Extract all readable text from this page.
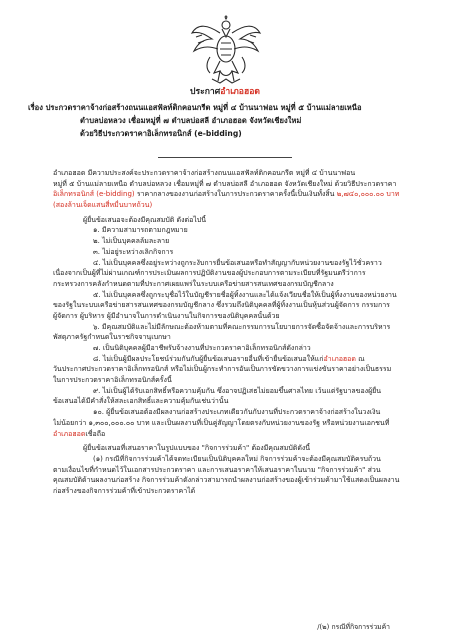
ประกาศอำเภอฮอด
เรื่อง ประกวดราคาจ้างก่อสร้างถนนแอสฟัลท์ติกคอนกรีต หมู่ที่ ๔ บ้านนาฟอน หมู่ที่ ๕ บ้านแม่ลายเหนือ
ตำบลบ่อหลวง เชื่อมหมู่ที่ ๗ ตำบลบ่อสลี อำเภอฮอด จังหวัดเชียงใหม่
ด้วยวิธีประกวดราคาอิเล็กทรอนิกส์ (e-bidding)
อำเภอฮอด มีความประสงค์จะประกวดราคาจ้างก่อสร้างถนนแอสฟัลท์ติกคอนกรีต หมู่ที่ ๔ บ้านนาฟอน
หมู่ที่ ๕ บ้านแม่ลายเหนือ ตำบลบ่อหลวง เชื่อมหมู่ที่ ๗ ตำบลบ่อสลี อำเภอฮอด จังหวัดเชียงใหม่ ด้วยวิธีประกวดราคา
อิเล็กทรอนิกส์ (e-bidding) ราคากลางของงานก่อสร้างในการประกวดราคาครั้งนี้เป็นเงินทั้งสิ้น ๒,๗๔๐,๐๐๐.๐๐ บาท
(สองล้านเจ็ดแสนสี่หมื่นบาทถ้วน)
ผู้ยื่นข้อเสนอจะต้องมีคุณสมบัติ ดังต่อไปนี้
๑. มีความสามารถตามกฎหมาย
๒. ไม่เป็นบุคคลล้มละลาย
๓. ไม่อยู่ระหว่างเลิกกิจการ
๔. ไม่เป็นบุคคลซึ่งอยู่ระหว่างถูกระงับการยื่นข้อเสนอหรือทำสัญญากับหน่วยงานของรัฐไว้ชั่วคราว
เนื่องจากเป็นผู้ที่ไม่ผ่านเกณฑ์การประเมินผลการปฏิบัติงานของผู้ประกอบการตามระเบียบที่รัฐมนตรีว่าการ
กระทรวงการคลังกำหนดตามที่ประกาศเผยแพร่ในระบบเครือข่ายสารสนเทศของกรมบัญชีกลาง
๕. ไม่เป็นบุคคลซึ่งถูกระบุชื่อไว้ในบัญชีรายชื่อผู้ทิ้งงานและได้แจ้งเวียนชื่อให้เป็นผู้ทิ้งงานของหน่วยงาน
ของรัฐในระบบเครือข่ายสารสนเทศของกรมบัญชีกลาง ซึ่งรวมถึงนิติบุคคลที่ผู้ทิ้งงานเป็นหุ้นส่วนผู้จัดการ กรรมการ
ผู้จัดการ ผู้บริหาร ผู้มีอำนาจในการดำเนินงานในกิจการของนิติบุคคลนั้นด้วย
๖. มีคุณสมบัติและไม่มีลักษณะต้องห้ามตามที่คณะกรรมการนโยบายการจัดซื้อจัดจ้างและการบริหาร
พัสดุภาครัฐกำหนดในราชกิจจานุเบกษา
๗. เป็นนิติบุคคลผู้มีอาชีพรับจ้างงานที่ประกวดราคาอิเล็กทรอนิกส์ดังกล่าว
๘. ไม่เป็นผู้มีผลประโยชน์ร่วมกันกับผู้ยื่นข้อเสนอรายอื่นที่เข้ายื่นข้อเสนอให้แก่อำเภอฮอด ณ
วันประกาศประกวดราคาอิเล็กทรอนิกส์ หรือไม่เป็นผู้กระทำการอันเป็นการขัดขวางการแข่งขันราคาอย่างเป็นธรรม
ในการประกวดราคาอิเล็กทรอนิกส์ครั้งนี้
๙. ไม่เป็นผู้ได้รับเอกสิทธิ์หรือความคุ้มกัน ซึ่งอาจปฏิเสธไม่ยอมขึ้นศาลไทย เว้นแต่รัฐบาลของผู้ยื่น
ข้อเสนอได้มีคำสั่งให้สละเอกสิทธิ์และความคุ้มกันเช่นว่านั้น
๑๐. ผู้ยื่นข้อเสนอต้องมีผลงานก่อสร้างประเภทเดียวกันกับงานที่ประกวดราคาจ้างก่อสร้างในวงเงิน
ไม่น้อยกว่า ๑,๓๐๐,๐๐๐.๐๐ บาท และเป็นผลงานที่เป็นคู่สัญญาโดยตรงกับหน่วยงานของรัฐ หรือหน่วยงานเอกชนที่
อำเภอฮอดเชื่อถือ
ผู้ยื่นข้อเสนอที่เสนอราคาในรูปแบบของ "กิจการร่วมค้า" ต้องมีคุณสมบัติดังนี้
(๑) กรณีที่กิจการร่วมค้าได้จดทะเบียนเป็นนิติบุคคลใหม่ กิจการร่วมค้าจะต้องมีคุณสมบัติครบถ้วน
ตามเงื่อนไขที่กำหนดไว้ในเอกสารประกวดราคา และการเสนอราคาให้เสนอราคาในนาม "กิจการร่วมค้า" ส่วน
คุณสมบัติด้านผลงานก่อสร้าง กิจการร่วมค้าดังกล่าวสามารถนำผลงานก่อสร้างของผู้เข้าร่วมค้ามาใช้แสดงเป็นผลงาน
ก่อสร้างของกิจการร่วมค้าที่เข้าประกวดราคาได้
/(๒) กรณีที่กิจการร่วมค้า
